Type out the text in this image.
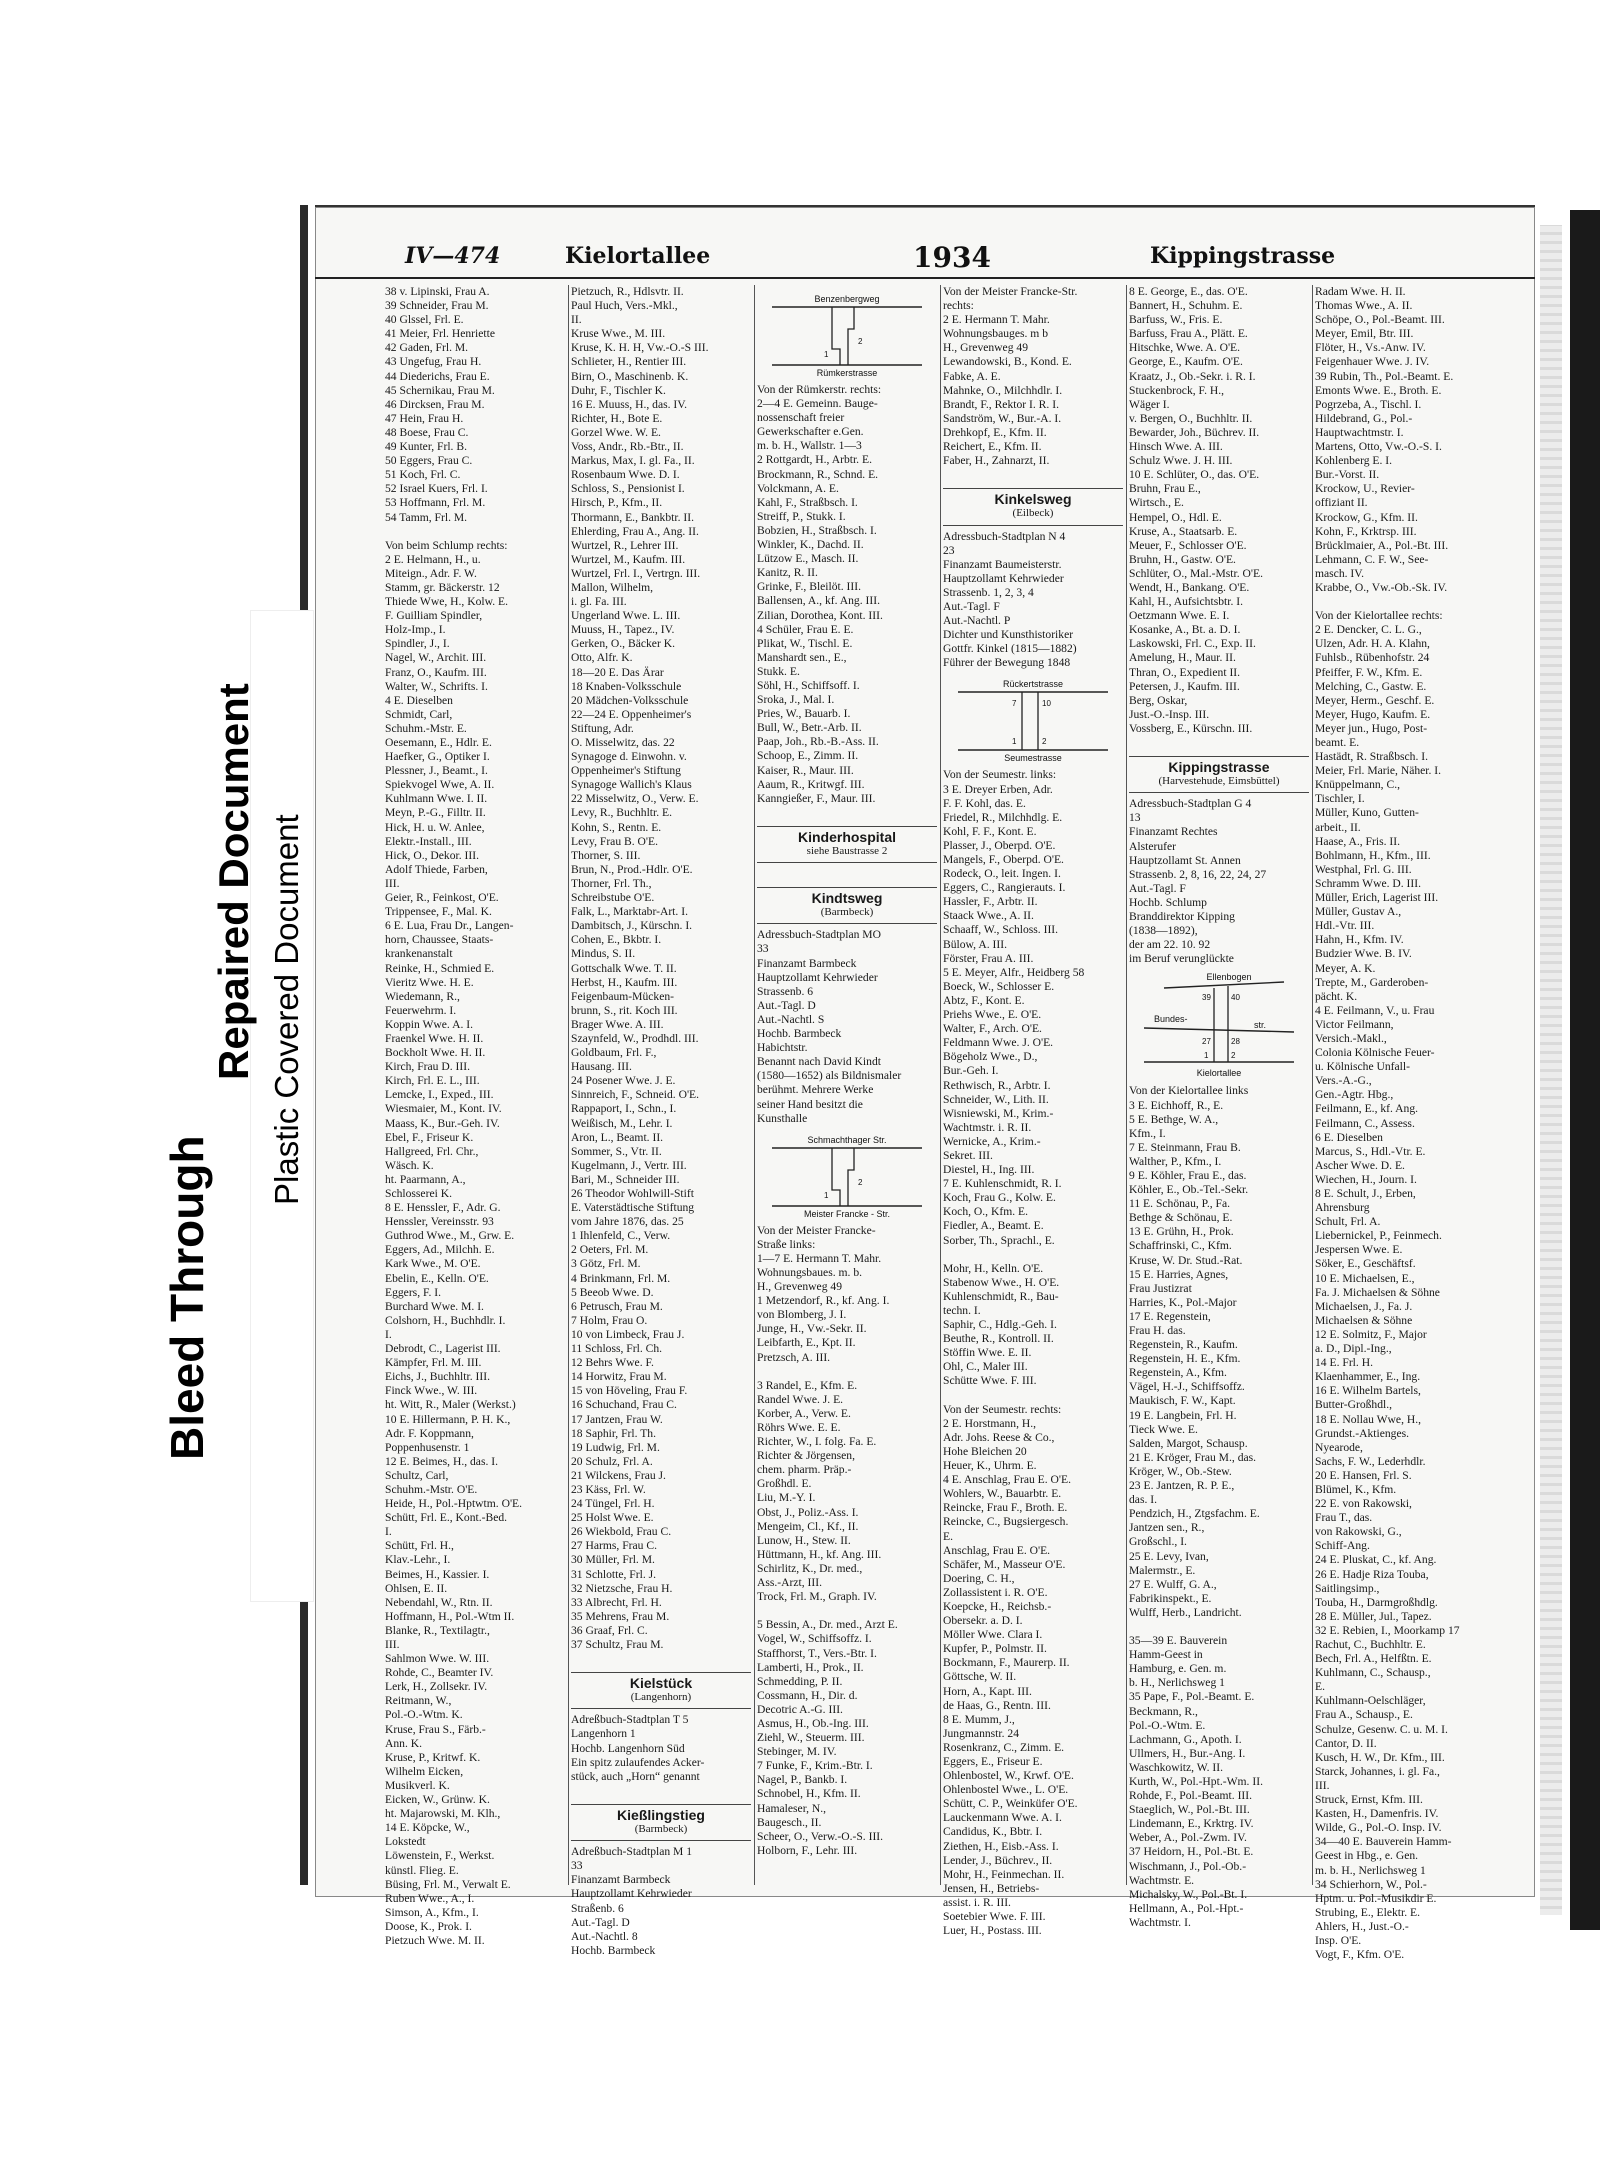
Bleed Through
Repaired Document Plastic Covered Document
IV—474	Kielortallee	1934	Kippingstrasse
38 v. Lipinski, Frau A.
39 Schneider, Frau M.
40 Glssel, Frl. E.
41 Meier, Frl. Henriette
42 Gaden, Frl. M.
43 Ungefug, Frau H.
44 Diederichs, Frau E.
45 Schernikau, Frau M.
46 Dircksen, Frau M.
47 Hein, Frau H.
48 Boese, Frau C.
49 Kunter, Frl. B.
50 Eggers, Frau C.
51 Koch, Frl. C.
52 Israel Kuers, Frl. I.
53 Hoffmann, Frl. M.
54 Tamm, Frl. M.

Von beim Schlump rechts:
2 E. Helmann, H., u.
Miteign., Adr. F. W.
Stamm, gr. Bäckerstr. 12
Thiede Wwe, H., Kolw. E.
F. Guilliam Spindler,
Holz-Imp., I.
Spindler, J., I.
Nagel, W., Archit. III.
Franz, O., Kaufm. III.
Walter, W., Schrifts. I.
4 E. Dieselben
Schmidt, Carl,
Schuhm.-Mstr. E.
Oesemann, E., Hdlr. E.
Haefker, G., Optiker I.
Plessner, J., Beamt., I.
Spiekvogel Wwe, A. II.
Kuhlmann Wwe. I. II.
Meyn, P.-G., Filltr. II.
Hick, H. u. W. Anlee,
Elektr.-Install., III.
Hick, O., Dekor. III.
Adolf Thiede, Farben,
III.
Geier, R., Feinkost, O'E.
Trippensee, F., Mal. K.
6 E. Lua, Frau Dr., Langen-
horn, Chaussee, Staats-
krankenanstalt
Reinke, H., Schmied E.
Vieritz Wwe. H. E.
Wiedemann, R.,
Feuerwehrm. I.
Koppin Wwe. A. I.
Fraenkel Wwe. H. II.
Bockholt Wwe. H. II.
Kirch, Frau D. III.
Kirch, Frl. E. L., III.
Lemcke, I., Exped., III.
Wiesmaier, M., Kont. IV.
Maass, K., Bur.-Geh. IV.
Ebel, F., Friseur K.
Hallgreed, Frl. Chr.,
Wäsch. K.
ht. Paarmann, A.,
Schlosserei K.
8 E. Henssler, F., Adr. G.
Henssler, Vereinsstr. 93
Guthrod Wwe., M., Grw. E.
Eggers, Ad., Milchh. E.
Kark Wwe., M. O'E.
Ebelin, E., Kelln. O'E.
Eggers, F. I.
Burchard Wwe. M. I.
Colshorn, H., Buchhdlr. I.
I.
Debrodt, C., Lagerist III.
Kämpfer, Frl. M. III.
Eichs, J., Buchhltr. III.
Finck Wwe., W. III.
ht. Witt, R., Maler (Werkst.)
10 E. Hillermann, P. H. K.,
Adr. F. Koppmann,
Poppenhusenstr. 1
12 E. Beimes, H., das. I.
Schultz, Carl,
Schuhm.-Mstr. O'E.
Heide, H., Pol.-Hptwtm. O'E.
Schütt, Frl. E., Kont.-Bed.
I.
Schütt, Frl. H.,
Klav.-Lehr., I.
Beimes, H., Kassier. I.
Ohlsen, E. II.
Nebendahl, W., Rtn. II.
Hoffmann, H., Pol.-Wtm II.
Blanke, R., Textilagtr.,
III.
Sahlmon Wwe. W. III.
Rohde, C., Beamter IV.
Lerk, H., Zollsekr. IV.
Reitmann, W.,
Pol.-O.-Wtm. K.
Kruse, Frau S., Färb.-
Ann. K.
Kruse, P., Kritwf. K.
Wilhelm Eicken,
Musikverl. K.
Eicken, W., Grünw. K.
ht. Majarowski, M. Klh.,
14 E. Köpcke, W.,
Lokstedt
Löwenstein, F., Werkst.
künstl. Flieg. E.
Büsing, Frl. M., Verwalt E.
Ruben Wwe., A., I.
Simson, A., Kfm., I.
Doose, K., Prok. I.
Pietzuch Wwe. M. II.
Pietzuch, R., Hdlsvtr. II.
Paul Huch, Vers.-Mkl.,
II.
Kruse Wwe., M. III.
Kruse, K. H. H, Vw.-O.-S III.
Schlieter, H., Rentier III.
Birn, O., Maschinenb. K.
Duhr, F., Tischler K.
16 E. Muuss, H., das. IV.
Richter, H., Bote E.
Gorzel Wwe. W. E.
Voss, Andr., Rb.-Btr., II.
Markus, Max, I. gl. Fa., II.
Rosenbaum Wwe. D. I.
Schloss, S., Pensionist I.
Hirsch, P., Kfm., II.
Thormann, E., Bankbtr. II.
Ehlerding, Frau A., Ang. II.
Wurtzel, R., Lehrer III.
Wurtzel, M., Kaufm. III.
Wurtzel, Frl. I., Vertrgn. III.
Mallon, Wilhelm,
i. gl. Fa. III.
Ungerland Wwe. L. III.
Muuss, H., Tapez., IV.
Gerken, O., Bäcker K.
Otto, Alfr. K.
18—20 E. Das Ärar
18 Knaben-Volksschule
20 Mädchen-Volksschule
22—24 E. Oppenheimer's
Stiftung, Adr.
O. Misselwitz, das. 22
Synagoge d. Einwohn. v.
Oppenheimer's Stiftung
Synagoge Wallich's Klaus
22 Misselwitz, O., Verw. E.
Levy, R., Buchhltr. E.
Kohn, S., Rentn. E.
Levy, Frau B. O'E.
Thorner, S. III.
Brun, N., Prod.-Hdlr. O'E.
Thorner, Frl. Th.,
Schreibstube O'E.
Falk, L., Marktabr-Art. I.
Dambitsch, J., Kürschn. I.
Cohen, E., Bkbtr. I.
Mindus, S. II.
Gottschalk Wwe. T. II.
Herbst, H., Kaufm. III.
Feigenbaum-Mücken-
brunn, S., rit. Koch III.
Brager Wwe. A. III.
Szaynfeld, W., Prodhdl. III.
Goldbaum, Frl. F.,
Hausang. III.
24 Posener Wwe. J. E.
Sinnreich, F., Schneid. O'E.
Rappaport, I., Schn., I.
Weißisch, M., Lehr. I.
Aron, L., Beamt. II.
Sommer, S., Vtr. II.
Kugelmann, J., Vertr. III.
Bari, M., Schneider III.
26 Theodor Wohlwill-Stift
E. Vaterstädtische Stiftung
vom Jahre 1876, das. 25
1 Ihlenfeld, C., Verw.
2 Oeters, Frl. M.
3 Götz, Frl. M.
4 Brinkmann, Frl. M.
5 Beeob Wwe. D.
6 Petrusch, Frau M.
7 Holm, Frau O.
10 von Limbeck, Frau J.
11 Schloss, Frl. Ch.
12 Behrs Wwe. F.
14 Horwitz, Frau M.
15 von Höveling, Frau F.
16 Schuchand, Frau C.
17 Jantzen, Frau W.
18 Saphir, Frl. Th.
19 Ludwig, Frl. M.
20 Schulz, Frl. A.
21 Wilckens, Frau J.
23 Käss, Frl. W.
24 Tüngel, Frl. H.
25 Holst Wwe. E.
26 Wiekbold, Frau C.
27 Harms, Frau C.
30 Müller, Frl. M.
31 Schlotte, Frl. J.
32 Nietzsche, Frau H.
33 Albrecht, Frl. H.
35 Mehrens, Frau M.
36 Graaf, Frl. C.
37 Schultz, Frau M.

Kielstück
(Langenhorn)
Adreßbuch-Stadtplan T 5
Langenhorn 1
Hochb. Langenhorn Süd
Ein spitz zulaufendes Acker-
stück, auch „Horn“ genannt

Kießlingstieg
(Barmbeck)
Adreßbuch-Stadtplan M 1
33
Finanzamt Barmbeck
Hauptzollamt Kehrwieder
Straßenb. 6
Aut.-Tagl. D
Aut.-Nachtl. 8
Hochb. Barmbeck
Benzenbergweg
Rümkerstrasse
1
2
Von der Rümkerstr. rechts:
2—4 E. Gemeinn. Bauge-
nossenschaft freier
Gewerkschafter e.Gen.
m. b. H., Wallstr. 1—3
2 Rottgardt, H., Arbtr. E.
Brockmann, R., Schnd. E.
Volckmann, A. E.
Kahl, F., Straßbsch. I.
Streiff, P., Stukk. I.
Bobzien, H., Straßbsch. I.
Winkler, K., Dachd. II.
Lützow E., Masch. II.
Kanitz, R. II.
Grinke, F., Bleilöt. III.
Ballensen, A., kf. Ang. III.
Zilian, Dorothea, Kont. III.
4 Schüler, Frau E. E.
Plikat, W., Tischl. E.
Manshardt sen., E.,
Stukk. E.
Söhl, H., Schiffsoff. I.
Sroka, J., Mal. I.
Pries, W., Bauarb. I.
Bull, W., Betr.-Arb. II.
Paap, Joh., Rb.-B.-Ass. II.
Schoop, E., Zimm. II.
Kaiser, R., Maur. III.
Aaum, R., Kritwgf. III.
Kanngießer, F., Maur. III.

Kinderhospital
siehe Baustrasse 2

Kindtsweg
(Barmbeck)
Adressbuch-Stadtplan MO
33
Finanzamt Barmbeck
Hauptzollamt Kehrwieder
Strassenb. 6
Aut.-Tagl. D
Aut.-Nachtl. S
Hochb. Barmbeck
Habichtstr.
Benannt nach David Kindt
(1580—1652) als Bildnismaler
berühmt. Mehrere Werke
seiner Hand besitzt die
Kunsthalle
Schmachthager Str.
Meister Francke - Str.
1
2
Von der Meister Francke-
Straße links:
1—7 E. Hermann T. Mahr.
Wohnungsbaues. m. b.
H., Grevenweg 49
1 Metzendorf, R., kf. Ang. I.
von Blomberg, J. I.
Junge, H., Vw.-Sekr. II.
Leibfarth, E., Kpt. II.
Pretzsch, A. III.

3 Randel, E., Kfm. E.
Randel Wwe. J. E.
Korber, A., Verw. E.
Röhrs Wwe. E. E.
Richter, W., I. folg. Fa. E.
Richter & Jörgensen,
chem. pharm. Präp.-
Großhdl. E.
Liu, M.-Y. I.
Obst, J., Poliz.-Ass. I.
Mengeim, Cl., Kf., II.
Lunow, H., Stew. II.
Hüttmann, H., kf. Ang. III.
Schirlitz, K., Dr. med.,
Ass.-Arzt, III.
Trock, Frl. M., Graph. IV.

5 Bessin, A., Dr. med., Arzt E.
Vogel, W., Schiffsoffz. I.
Staffhorst, T., Vers.-Btr. I.
Lamberti, H., Prok., II.
Schmedding, P. II.
Cossmann, H., Dir. d.
Decotric A.-G. III.
Asmus, H., Ob.-Ing. III.
Ziehl, W., Steuerm. III.
Stebinger, M. IV.
7 Funke, F., Krim.-Btr. I.
Nagel, P., Bankb. I.
Schnobel, H., Kfm. II.
Hamaleser, N.,
Baugesch., II.
Scheer, O., Verw.-O.-S. III.
Holborn, F., Lehr. III.
Von der Meister Francke-Str.
rechts:
2 E. Hermann T. Mahr.
Wohnungsbauges. m b
H., Grevenweg 49
Lewandowski, B., Kond. E.
Fabke, A. E.
Mahnke, O., Milchhdlr. I.
Brandt, F., Rektor I. R. I.
Sandström, W., Bur.-A. I.
Drehkopf, E., Kfm. II.
Reichert, E., Kfm. II.
Faber, H., Zahnarzt, II.

Kinkelsweg
(Eilbeck)
Adressbuch-Stadtplan N 4
23
Finanzamt Baumeisterstr.
Hauptzollamt Kehrwieder
Strassenb. 1, 2, 3, 4
Aut.-Tagl. F
Aut.-Nachtl. P
Dichter und Kunsthistoriker
Gottfr. Kinkel (1815—1882)
Führer der Bewegung 1848
Rückertstrasse
Seumestrasse
7	10
1	2
Von der Seumestr. links:
3 E. Dreyer Erben, Adr.
F. F. Kohl, das. E.
Friedel, R., Milchhdlg. E.
Kohl, F. F., Kont. E.
Plasser, J., Oberpd. O'E.
Mangels, F., Oberpd. O'E.
Rodeck, O., leit. Ingen. I.
Eggers, C., Rangierauts. I.
Hassler, F., Arbtr. II.
Staack Wwe., A. II.
Schaaff, W., Schloss. III.
Bülow, A. III.
Förster, Frau A. III.
5 E. Meyer, Alfr., Heidberg 58
Boeck, W., Schlosser E.
Abtz, F., Kont. E.
Priehs Wwe., E. O'E.
Walter, F., Arch. O'E.
Feldmann Wwe. J. O'E.
Bögeholz Wwe., D.,
Bur.-Geh. I.
Rethwisch, R., Arbtr. I.
Schneider, W., Lith. II.
Wisniewski, M., Krim.-
Wachtmstr. i. R. II.
Wernicke, A., Krim.-
Sekret. III.
Diestel, H., Ing. III.
7 E. Kuhlenschmidt, R. I.
Koch, Frau G., Kolw. E.
Koch, O., Kfm. E.
Fiedler, A., Beamt. E.
Sorber, Th., Sprachl., E.

Mohr, H., Kelln. O'E.
Stabenow Wwe., H. O'E.
Kuhlenschmidt, R., Bau-
techn. I.
Saphir, C., Hdlg.-Geh. I.
Beuthe, R., Kontroll. II.
Stöffin Wwe. E. II.
Ohl, C., Maler III.
Schütte Wwe. F. III.

Von der Seumestr. rechts:
2 E. Horstmann, H.,
Adr. Johs. Reese & Co.,
Hohe Bleichen 20
Heuer, K., Uhrm. E.
4 E. Anschlag, Frau E. O'E.
Wohlers, W., Bauarbtr. E.
Reincke, Frau F., Broth. E.
Reincke, C., Bugsiergesch.
E.
Anschlag, Frau E. O'E.
Schäfer, M., Masseur O'E.
Doering, C. H.,
Zollassistent i. R. O'E.
Koepcke, H., Reichsb.-
Obersekr. a. D. I.
Möller Wwe. Clara I.
Kupfer, P., Polmstr. II.
Bockmann, F., Maurerp. II.
Göttsche, W. II.
Horn, A., Kapt. III.
de Haas, G., Rentn. III.
8 E. Mumm, J.,
Jungmannstr. 24
Rosenkranz, C., Zimm. E.
Eggers, E., Friseur E.
Ohlenbostel, W., Krwf. O'E.
Ohlenbostel Wwe., L. O'E.
Schütt, C. P., Weinküfer O'E.
Lauckenmann Wwe. A. I.
Candidus, K., Bbtr. I.
Ziethen, H., Eisb.-Ass. I.
Lender, J., Büchrev., II.
Mohr, H., Feinmechan. II.
Jensen, H., Betriebs-
assist. i. R. III.
Soetebier Wwe. F. III.
Luer, H., Postass. III.
8 E. George, E., das. O'E.
Bannert, H., Schuhm. E.
Barfuss, W., Fris. E.
Barfuss, Frau A., Plätt. E.
Hitschke, Wwe. A. O'E.
George, E., Kaufm. O'E.
Kraatz, J., Ob.-Sekr. i. R. I.
Stuckenbrock, F. H.,
Wäger I.
v. Bergen, O., Buchhltr. II.
Bewarder, Joh., Büchrev. II.
Hinsch Wwe. A. III.
Schulz Wwe. J. H. III.
10 E. Schlüter, O., das. O'E.
Bruhn, Frau E.,
Wirtsch., E.
Hempel, O., Hdl. E.
Kruse, A., Staatsarb. E.
Meuer, F., Schlosser O'E.
Bruhn, H., Gastw. O'E.
Schlüter, O., Mal.-Mstr. O'E.
Wendt, H., Bankang. O'E.
Kahl, H., Aufsichtsbtr. I.
Oetzmann Wwe. E. I.
Kosanke, A., Bt. a. D. I.
Laskowski, Frl. C., Exp. II.
Amelung, H., Maur. II.
Thran, O., Expedient II.
Petersen, J., Kaufm. III.
Berg, Oskar,
Just.-O.-Insp. III.
Vossberg, E., Kürschn. III.

Kippingstrasse
(Harvestehude, Eimsbüttel)
Adressbuch-Stadtplan G 4
13
Finanzamt Rechtes
Alsterufer
Hauptzollamt St. Annen
Strassenb. 2, 8, 16, 22, 24, 27
Aut.-Tagl. F
Hochb. Schlump
Branddirektor Kipping
(1838—1892),
der am 22. 10. 92
im Beruf verunglückte
Ellenbogen
Bundes-
str.
Kielortallee
39	40
27	28
1	2
Von der Kielortallee links
3 E. Eichhoff, R., E.
5 E. Bethge, W. A.,
Kfm., I.
7 E. Steinmann, Frau B.
Walther, P., Kfm., I.
9 E. Köhler, Frau E., das.
Köhler, E., Ob.-Tel.-Sekr.
11 E. Schönau, P., Fa.
Bethge & Schönau, E.
13 E. Grühn, H., Prok.
Schaffrinski, C., Kfm.
Kruse, W. Dr. Stud.-Rat.
15 E. Harries, Agnes,
Frau Justizrat
Harries, K., Pol.-Major
17 E. Regenstein,
Frau H. das.
Regenstein, R., Kaufm.
Regenstein, H. E., Kfm.
Regenstein, A., Kfm.
Vägel, H.-J., Schiffsoffz.
Maukisch, F. W., Kapt.
19 E. Langbein, Frl. H.
Tieck Wwe. E.
Salden, Margot, Schausp.
21 E. Kröger, Frau M., das.
Kröger, W., Ob.-Stew.
23 E. Jantzen, R. P. E.,
das. I.
Pendzich, H., Ztgsfachm. E.
Jantzen sen., R.,
Großschl., I.
25 E. Levy, Ivan,
Malermstr., E.
27 E. Wulff, G. A.,
Fabrikinspekt., E.
Wulff, Herb., Landricht.

35—39 E. Bauverein
Hamm-Geest in
Hamburg, e. Gen. m.
b. H., Nerlichsweg 1
35 Pape, F., Pol.-Beamt. E.
Beckmann, R.,
Pol.-O.-Wtm. E.
Lachmann, G., Apoth. I.
Ullmers, H., Bur.-Ang. I.
Waschkowitz, W. II.
Kurth, W., Pol.-Hpt.-Wm. II.
Rohde, F., Pol.-Beamt. III.
Staeglich, W., Pol.-Bt. III.
Lindemann, E., Krktrg. IV.
Weber, A., Pol.-Zwm. IV.
37 Heidorn, H., Pol.-Bt. E.
Wischmann, J., Pol.-Ob.-
Wachtmstr. E.
Michalsky, W., Pol.-Bt. I.
Hellmann, A., Pol.-Hpt.-
Wachtmstr. I.
Radam Wwe. H. II.
Thomas Wwe., A. II.
Schöpe, O., Pol.-Beamt. III.
Meyer, Emil, Btr. III.
Flöter, H., Vs.-Anw. IV.
Feigenhauer Wwe. J. IV.
39 Rubin, Th., Pol.-Beamt. E.
Emonts Wwe. E., Broth. E.
Pogrzeba, A., Tischl. I.
Hildebrand, G., Pol.-
Hauptwachtmstr. I.
Martens, Otto, Vw.-O.-S. I.
Kohlenberg E. I.
Bur.-Vorst. II.
Krockow, U., Revier-
offiziant II.
Krockow, G., Kfm. II.
Kohn, F., Krktrsp. III.
Brücklmaier, A., Pol.-Bt. III.
Lehmann, C. F. W., See-
masch. IV.
Krabbe, O., Vw.-Ob.-Sk. IV.

Von der Kielortallee rechts:
2 E. Dencker, C. L. G.,
Ulzen, Adr. H. A. Klahn,
Fuhlsb., Rübenhofstr. 24
Pfeiffer, F. W., Kfm. E.
Melching, C., Gastw. E.
Meyer, Herm., Geschf. E.
Meyer, Hugo, Kaufm. E.
Meyer jun., Hugo, Post-
beamt. E.
Hastädt, R. Straßbsch. I.
Meier, Frl. Marie, Näher. I.
Knüppelmann, C.,
Tischler, I.
Müller, Kuno, Gutten-
arbeit., II.
Haase, A., Fris. II.
Bohlmann, H., Kfm., III.
Westphal, Frl. G. III.
Schramm Wwe. D. III.
Müller, Erich, Lagerist III.
Müller, Gustav A.,
Hdl.-Vtr. III.
Hahn, H., Kfm. IV.
Budzier Wwe. B. IV.
Meyer, A. K.
Trepte, M., Garderoben-
pächt. K.
4 E. Feilmann, V., u. Frau
Victor Feilmann,
Versich.-Makl.,
Colonia Kölnische Feuer-
u. Kölnische Unfall-
Vers.-A.-G.,
Gen.-Agtr. Hbg.,
Feilmann, E., kf. Ang.
Feilmann, C., Assess.
6 E. Dieselben
Marcus, S., Hdl.-Vtr. E.
Ascher Wwe. D. E.
Wiechen, H., Journ. I.
8 E. Schult, J., Erben,
Ahrensburg
Schult, Frl. A.
Liebernickel, P., Feinmech.
Jespersen Wwe. E.
Söker, E., Geschäftsf.
10 E. Michaelsen, E.,
Fa. J. Michaelsen & Söhne
Michaelsen, J., Fa. J.
Michaelsen & Söhne
12 E. Solmitz, F., Major
a. D., Dipl.-Ing.,
14 E. Frl. H.
Klaenhammer, E., Ing.
16 E. Wilhelm Bartels,
Butter-Großhdl.,
18 E. Nollau Wwe, H.,
Grundst.-Aktienges.
Nyearode,
Sachs, F. W., Lederhdlr.
20 E. Hansen, Frl. S.
Blümel, K., Kfm.
22 E. von Rakowski,
Frau T., das.
von Rakowski, G.,
Schiff-Ang.
24 E. Pluskat, C., kf. Ang.
26 E. Hadje Riza Touba,
Saitlingsimp.,
Touba, H., Darmgroßhdlg.
28 E. Müller, Jul., Tapez.
32 E. Rebien, I., Moorkamp 17
Rachut, C., Buchhltr. E.
Bech, Frl. A., Helfßtn. E.
Kuhlmann, C., Schausp.,
E.
Kuhlmann-Oelschläger,
Frau A., Schausp., E.
Schulze, Gesenw. C. u. M. I.
Cantor, D. II.
Kusch, H. W., Dr. Kfm., III.
Starck, Johannes, i. gl. Fa.,
III.
Struck, Ernst, Kfm. III.
Kasten, H., Damenfris. IV.
Wilde, G., Pol.-O. Insp. IV.
34—40 E. Bauverein Hamm-
Geest in Hbg., e. Gen.
m. b. H., Nerlichsweg 1
34 Schierhorn, W., Pol.-
Hptm. u. Pol.-Musikdir E.
Strubing, E., Elektr. E.
Ahlers, H., Just.-O.-
Insp. O'E.
Vogt, F., Kfm. O'E.
